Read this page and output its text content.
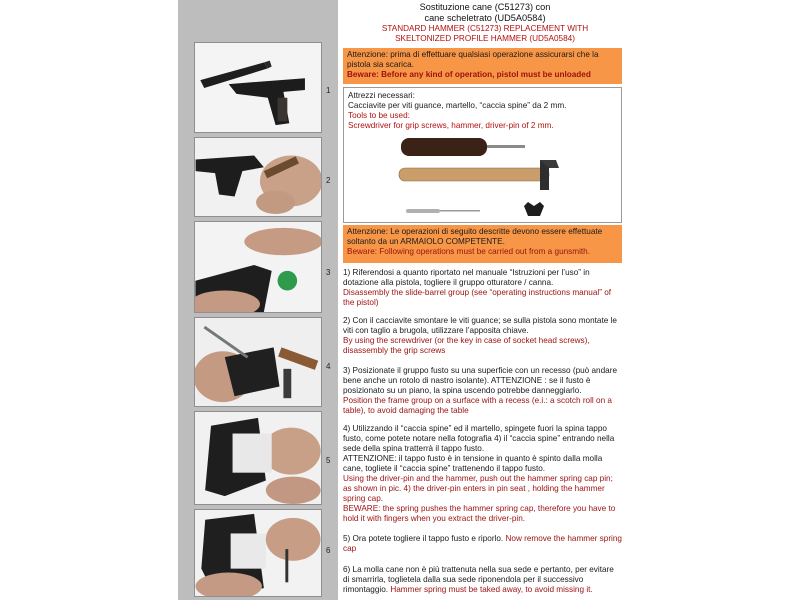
1
2
3
4
5
6
Sostituzione cane (C51273) con
cane scheletrato (UD5A0584)
STANDARD HAMMER (C51273) REPLACEMENT WITH
SKELTONIZED PROFILE HAMMER (UD5A0584)
Attenzione: prima di effettuare qualsiasi operazione assicurarsi che la pistola sia scarica.
Beware: Before any kind of operation, pistol must be unloaded
Attrezzi necessari:
Cacciavite per viti guance, martello, “caccia spine” da 2 mm.
Tools to be used:
Screwdriver for grip screws, hammer, driver-pin of 2 mm.
Attenzione: Le operazioni di seguito descritte devono essere effettuate soltanto da un ARMAIOLO COMPETENTE.
Beware: Following operations must be carried out from a gunsmith.

1) Riferendosi a quanto riportato nel manuale “Istruzioni per l’uso” in dotazione alla pistola, togliere il gruppo otturatore / canna.

Disassembly the slide-barrel group (see “operating instructions manual” of the pistol)

2) Con il cacciavite smontare le viti guance; se sulla pistola sono montate le viti con taglio a brugola, utilizzare l’apposita chiave.

By using the screwdriver (or the key in case of socket head screws), disassembly the grip screws

3) Posizionate il gruppo fusto su una superficie con un recesso (può andare bene anche un rotolo di nastro isolante). ATTENZIONE : se il fusto è posizionato su un piano, la spina uscendo potrebbe danneggiarlo.

Position the frame group on a surface with a recess (e.i.: a scotch roll on a table), to avoid damaging the table

4) Utilizzando il “caccia spine” ed il martello, spingete fuori la spina tappo fusto, come potete notare nella fotografia 4) il “caccia spine” entrando nella sede della spina tratterrà il tappo fusto.

ATTENZIONE: il tappo fusto è in tensione in quanto è spinto dalla molla cane, togliete il “caccia spine” trattenendo il tappo fusto.

Using the driver-pin and the hammer, push out the hammer spring cap pin; as shown in pic. 4) the driver-pin enters in pin seat , holding the hammer spring cap.

BEWARE: the spring pushes the hammer spring cap, therefore you have to hold it with fingers when you extract the driver-pin.

5) Ora potete togliere il tappo fusto e riporlo. Now remove the hammer spring cap

6) La molla cane non è più trattenuta nella sua sede e pertanto, per evitare di smarrirla, toglietela dalla sua sede riponendola per il successivo rimontaggio. Hammer spring must be taked away, to avoid missing it.
